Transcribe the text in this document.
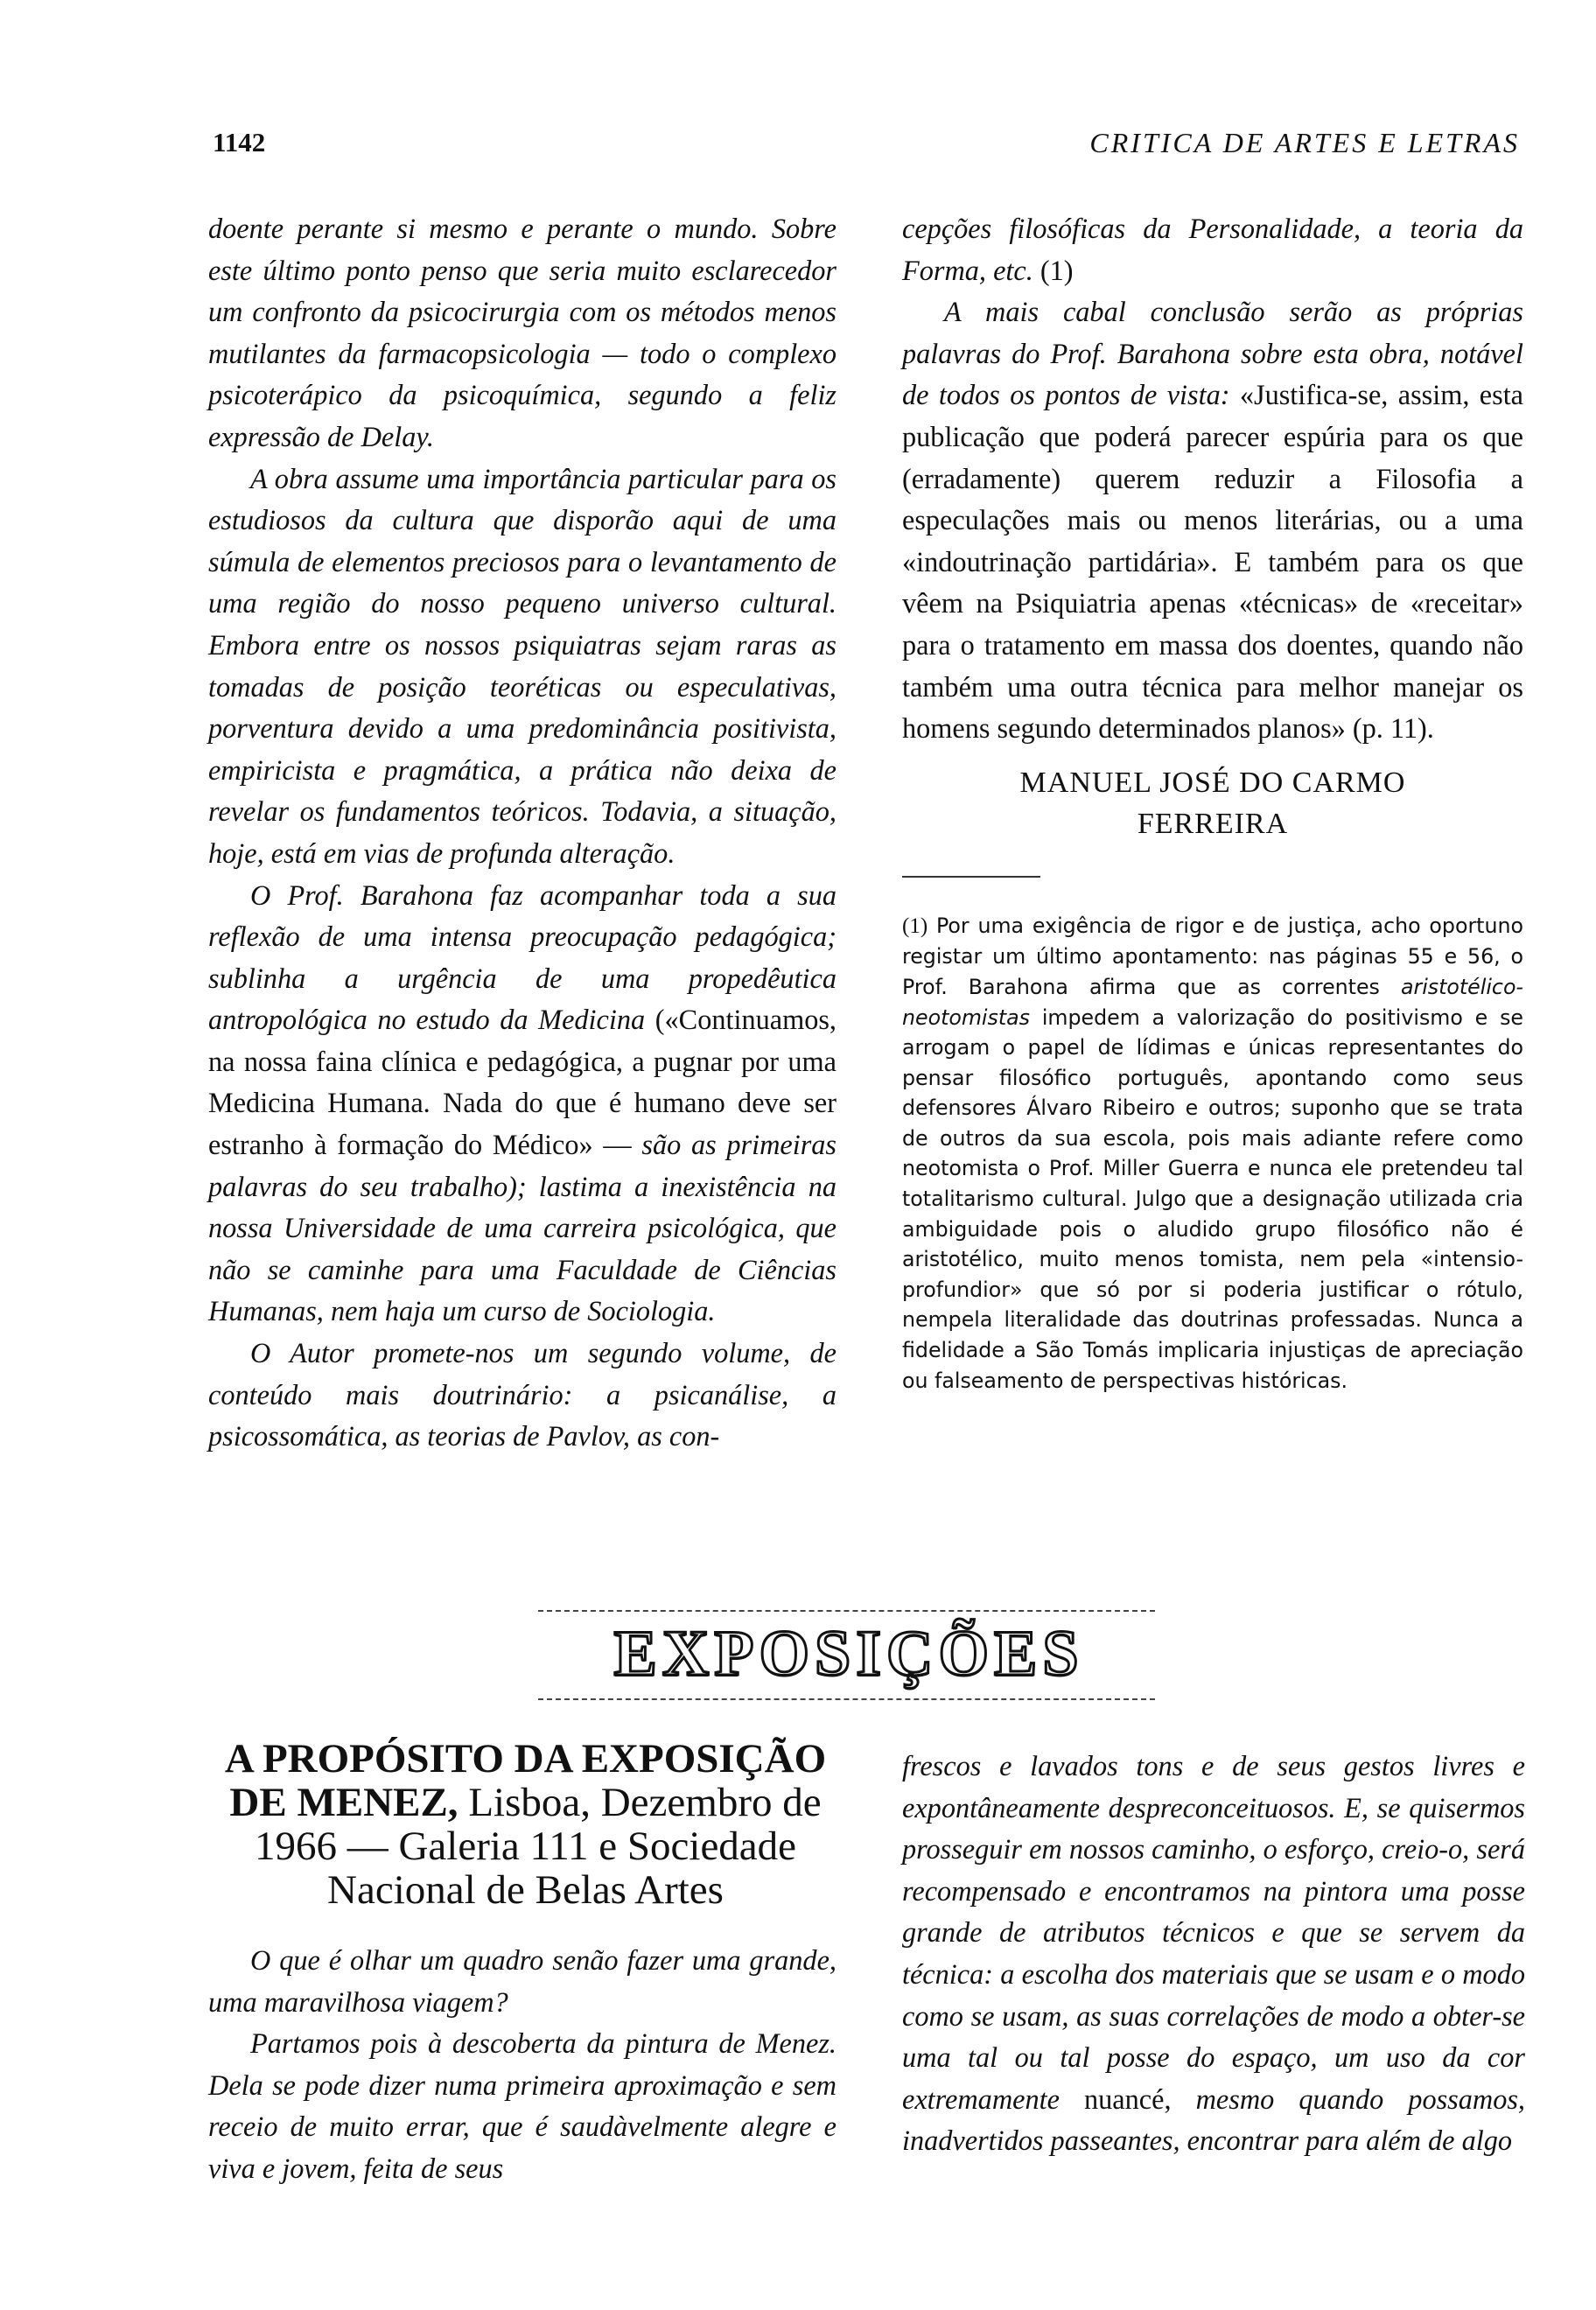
1142	CRITICA DE ARTES E LETRAS

doente perante si mesmo e perante o mundo. Sobre este último ponto penso que seria muito esclarecedor um confronto da psicocirurgia com os métodos menos mutilantes da farmacopsicologia — todo o complexo psicoterápico da psicoquímica, segundo a feliz expressão de Delay.

A obra assume uma importância particular para os estudiosos da cultura que disporão aqui de uma súmula de elementos preciosos para o levantamento de uma região do nosso pequeno universo cultural. Embora entre os nossos psiquiatras sejam raras as tomadas de posição teoréticas ou especulativas, porventura devido a uma predominância positivista, empiricista e pragmática, a prática não deixa de revelar os fundamentos teóricos. Todavia, a situação, hoje, está em vias de profunda alteração.

O Prof. Barahona faz acompanhar toda a sua reflexão de uma intensa preocupação pedagógica; sublinha a urgência de uma propedêutica antropológica no estudo da Medicina («Continuamos, na nossa faina clínica e pedagógica, a pugnar por uma Medicina Humana. Nada do que é humano deve ser estranho à formação do Médico» — são as primeiras palavras do seu trabalho); lastima a inexistência na nossa Universidade de uma carreira psicológica, que não se caminhe para uma Faculdade de Ciências Humanas, nem haja um curso de Sociologia.

O Autor promete-nos um segundo volume, de conteúdo mais doutrinário: a psicanálise, a psicossomática, as teorias de Pavlov, as con-

cepções filosóficas da Personalidade, a teoria da Forma, etc. (1)

A mais cabal conclusão serão as próprias palavras do Prof. Barahona sobre esta obra, notável de todos os pontos de vista: «Justifica-se, assim, esta publicação que poderá parecer espúria para os que (erradamente) querem reduzir a Filosofia a especulações mais ou menos literárias, ou a uma «indoutrinação partidária». E também para os que vêem na Psiquiatria apenas «técnicas» de «receitar» para o tratamento em massa dos doentes, quando não também uma outra técnica para melhor manejar os homens segundo determinados planos» (p. 11).

MANUEL JOSÉ DO CARMO
FERREIRA
(1) Por uma exigência de rigor e de justiça, acho oportuno registar um último apontamento: nas páginas 55 e 56, o Prof. Barahona afirma que as correntes aristotélico-neotomistas impedem a valorização do positivismo e se arrogam o papel de lídimas e únicas representantes do pensar filosófico português, apontando como seus defensores Álvaro Ribeiro e outros; suponho que se trata de outros da sua escola, pois mais adiante refere como neotomista o Prof. Miller Guerra e nunca ele pretendeu tal totalitarismo cultural. Julgo que a designação utilizada cria ambiguidade pois o aludido grupo filosófico não é aristotélico, muito menos tomista, nem pela «intensio-profundior» que só por si poderia justificar o rótulo, nempela literalidade das doutrinas professadas. Nunca a fidelidade a São Tomás implicaria injustiças de apreciação ou falseamento de perspectivas históricas.
EXPOSIÇÕES
A PROPÓSITO DA EXPOSIÇÃO DE MENEZ, Lisboa, Dezembro de 1966 — Galeria 111 e Sociedade Nacional de Belas Artes

O que é olhar um quadro senão fazer uma grande, uma maravilhosa viagem?

Partamos pois à descoberta da pintura de Menez. Dela se pode dizer numa primeira aproximação e sem receio de muito errar, que é saudàvelmente alegre e viva e jovem, feita de seus

frescos e lavados tons e de seus gestos livres e expontâneamente despreconceituosos. E, se quisermos prosseguir em nossos caminho, o esforço, creio-o, será recompensado e encontramos na pintora uma posse grande de atributos técnicos e que se servem da técnica: a escolha dos materiais que se usam e o modo como se usam, as suas correlações de modo a obter-se uma tal ou tal posse do espaço, um uso da cor extremamente nuancé, mesmo quando possamos, inadvertidos passeantes, encontrar para além de algo
